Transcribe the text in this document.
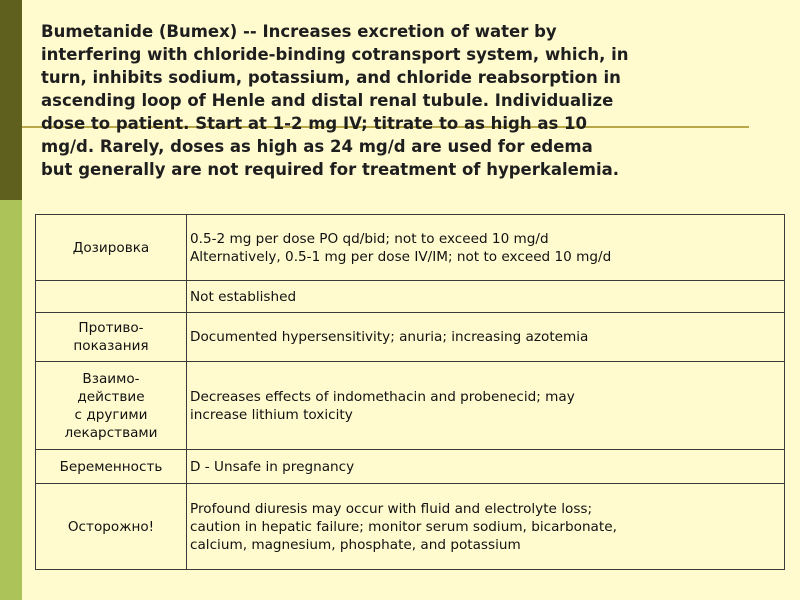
Bumetanide (Bumex) -- Increases excretion of water by
interfering with chloride-binding cotransport system, which, in
turn, inhibits sodium, potassium, and chloride reabsorption in
ascending loop of Henle and distal renal tubule. Individualize
dose to patient. Start at 1-2 mg IV; titrate to as high as 10
mg/d. Rarely, doses as high as 24 mg/d are used for edema
but generally are not required for treatment of hyperkalemia.
Дозировка	0.5-2 mg per dose PO qd/bid; not to exceed 10 mg/d
Alternatively, 0.5-1 mg per dose IV/IM; not to exceed 10 mg/d

	Not established

Противо-
показания	Documented hypersensitivity; anuria; increasing azotemia

Взаимо-
действие
с другими
лекарствами	Decreases effects of indomethacin and probenecid; may
increase lithium toxicity

Беременность	D - Unsafe in pregnancy

Осторожно!	Profound diuresis may occur with fluid and electrolyte loss;
caution in hepatic failure; monitor serum sodium, bicarbonate,
calcium, magnesium, phosphate, and potassium
